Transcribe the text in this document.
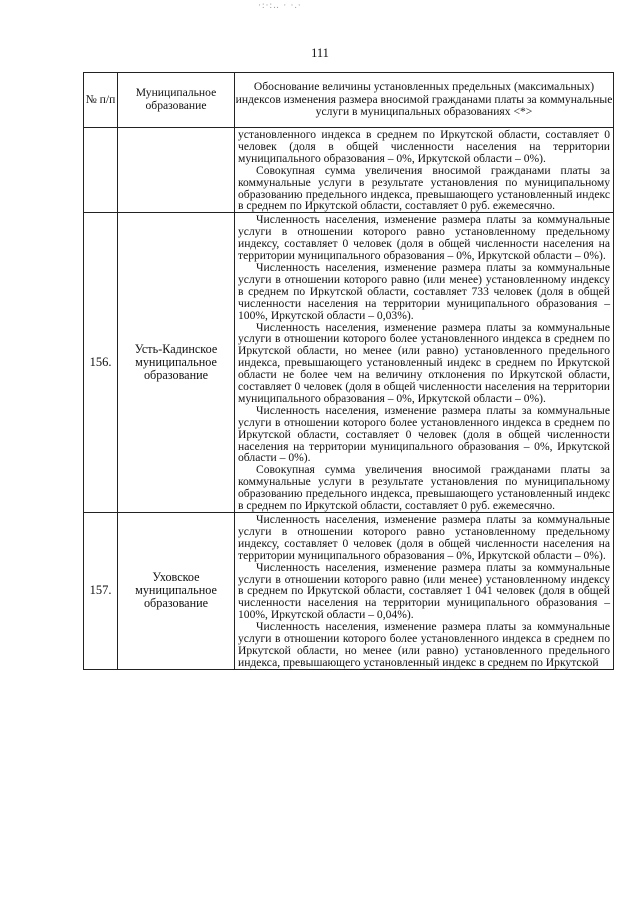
·:·:‥ · ·.·
111
№ п/п	Муниципальное образование	Обоснование величины установленных предельных (максимальных) индексов изменения размера вносимой гражданами платы за коммунальные услуги в муниципальных образованиях <*>

		установленного индекса в среднем по Иркутской области, составляет 0 человек (доля в общей численности населения на территории муниципального образования – 0%, Иркутской области – 0%).

Совокупная сумма увеличения вносимой гражданами платы за коммунальные услуги в результате установления по муниципальному образованию предельного индекса, превышающего установленный индекс в среднем по Иркутской области, составляет 0 руб. ежемесячно.

156.	Усть-Кадинское муниципальное образование	Численность населения, изменение размера платы за коммунальные услуги в отношении которого равно установленному предельному индексу, составляет 0 человек (доля в общей численности населения на территории муниципального образования – 0%, Иркутской области – 0%).

Численность населения, изменение размера платы за коммунальные услуги в отношении которого равно (или менее) установленному индексу в среднем по Иркутской области, составляет 733 человек (доля в общей численности населения на территории муниципального образования – 100%, Иркутской области – 0,03%).

Численность населения, изменение размера платы за коммунальные услуги в отношении которого более установленного индекса в среднем по Иркутской области, но менее (или равно) установленного предельного индекса, превышающего установленный индекс в среднем по Иркутской области не более чем на величину отклонения по Иркутской области, составляет 0 человек (доля в общей численности населения на территории муниципального образования – 0%, Иркутской области – 0%).

Численность населения, изменение размера платы за коммунальные услуги в отношении которого более установленного индекса в среднем по Иркутской области, составляет 0 человек (доля в общей численности населения на территории муниципального образования – 0%, Иркутской области – 0%).

Совокупная сумма увеличения вносимой гражданами платы за коммунальные услуги в результате установления по муниципальному образованию предельного индекса, превышающего установленный индекс в среднем по Иркутской области, составляет 0 руб. ежемесячно.

157.	Уховское муниципальное образование	Численность населения, изменение размера платы за коммунальные услуги в отношении которого равно установленному предельному индексу, составляет 0 человек (доля в общей численности населения на территории муниципального образования – 0%, Иркутской области – 0%).

Численность населения, изменение размера платы за коммунальные услуги в отношении которого равно (или менее) установленному индексу в среднем по Иркутской области, составляет 1 041 человек (доля в общей численности населения на территории муниципального образования – 100%, Иркутской области – 0,04%).

Численность населения, изменение размера платы за коммунальные услуги в отношении которого более установленного индекса в среднем по Иркутской области, но менее (или равно) установленного предельного индекса, превышающего установленный индекс в среднем по Иркутской
